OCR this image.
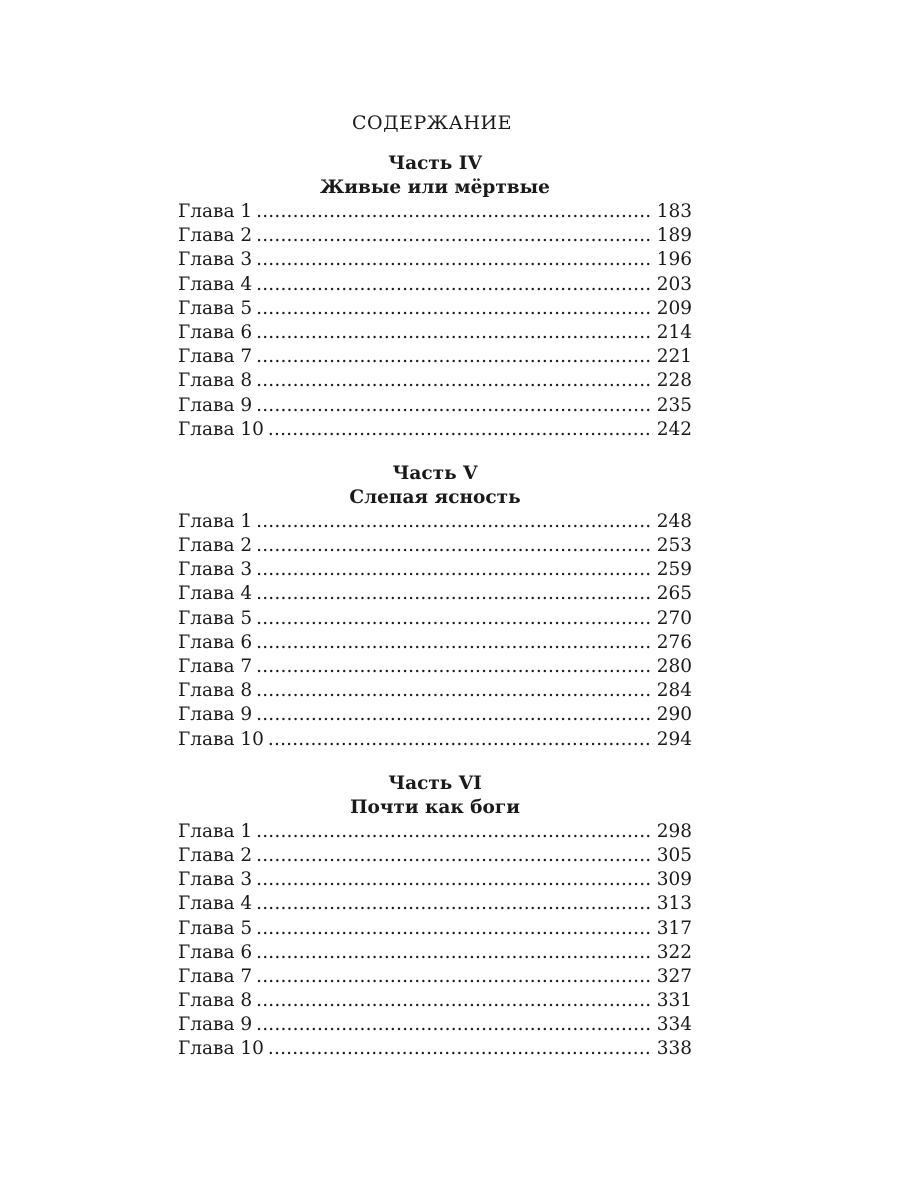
СОДЕРЖАНИЕ
Часть IV
Живые или мёртвые
Глава 1 .....	183
Глава 2 .....	189
Глава 3 .....	196
Глава 4 .....	203
Глава 5 .....	209
Глава 6 .....	214
Глава 7 .....	221
Глава 8 .....	228
Глава 9 .....	235
Глава 10 .....	242
Часть V
Слепая ясность
Глава 1 .....	248
Глава 2 .....	253
Глава 3 .....	259
Глава 4 .....	265
Глава 5 .....	270
Глава 6 .....	276
Глава 7 .....	280
Глава 8 .....	284
Глава 9 .....	290
Глава 10 .....	294
Часть VI
Почти как боги
Глава 1 .....	298
Глава 2 .....	305
Глава 3 .....	309
Глава 4 .....	313
Глава 5 .....	317
Глава 6 .....	322
Глава 7 .....	327
Глава 8 .....	331
Глава 9 .....	334
Глава 10 .....	338
